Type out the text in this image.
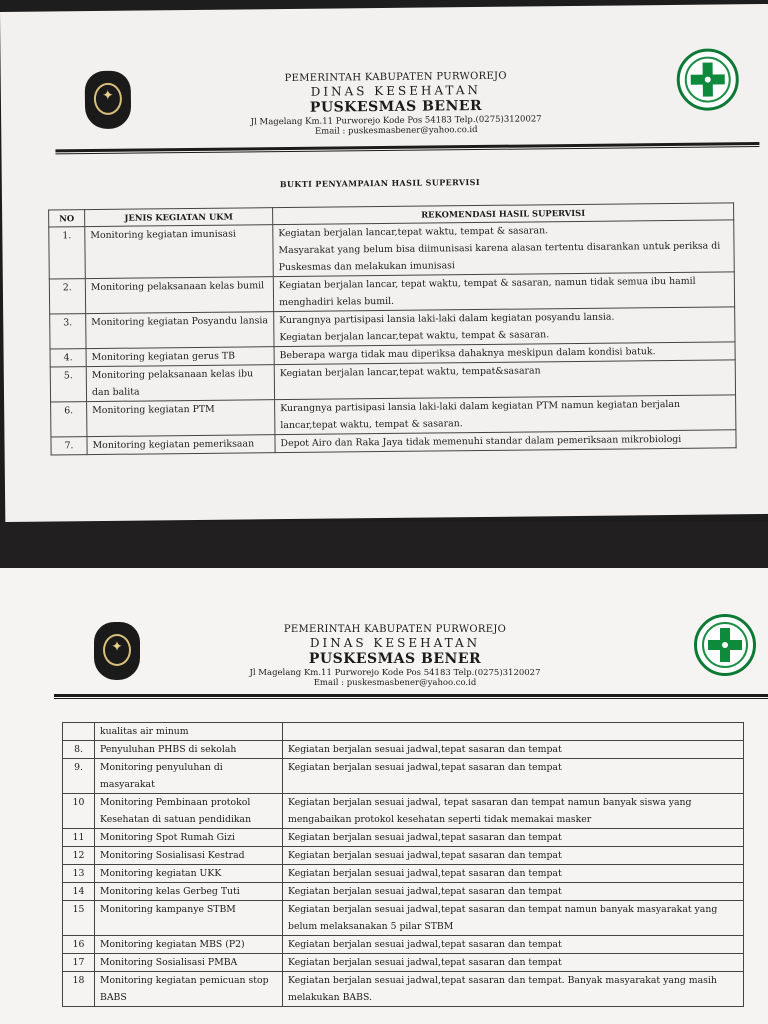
✦
PEMERINTAH KABUPATEN PURWOREJO
DINAS KESEHATAN
PUSKESMAS BENER
Jl Magelang Km.11 Purworejo Kode Pos 54183 Telp.(0275)3120027
Email : puskesmasbener@yahoo.co.id
BUKTI PENYAMPAIAN HASIL SUPERVISI
NO	JENIS KEGIATAN UKM	REKOMENDASI HASIL SUPERVISI
1.	Monitoring kegiatan imunisasi	Kegiatan berjalan lancar,tepat waktu, tempat & sasaran.
Masyarakat yang belum bisa diimunisasi karena alasan tertentu disarankan untuk periksa di Puskesmas dan melakukan imunisasi

2.	Monitoring pelaksanaan kelas bumil	Kegiatan berjalan lancar, tepat waktu, tempat & sasaran, namun tidak semua ibu hamil menghadiri kelas bumil.
3.	Monitoring kegiatan Posyandu lansia	Kurangnya partisipasi lansia laki-laki dalam kegiatan posyandu lansia.
Kegiatan berjalan lancar,tepat waktu, tempat & sasaran.

4.	Monitoring kegiatan gerus TB	Beberapa warga tidak mau diperiksa dahaknya meskipun dalam kondisi batuk.
5.	Monitoring pelaksanaan kelas ibu dan balita	Kegiatan berjalan lancar,tepat waktu, tempat&sasaran
6.	Monitoring kegiatan PTM	Kurangnya partisipasi lansia laki-laki dalam kegiatan PTM namun kegiatan berjalan lancar,tepat waktu, tempat & sasaran.
7.	Monitoring kegiatan pemeriksaan	Depot Airo dan Raka Jaya tidak memenuhi standar dalam pemeriksaan mikrobiologi
✦
PEMERINTAH KABUPATEN PURWOREJO
DINAS KESEHATAN
PUSKESMAS BENER
Jl Magelang Km.11 Purworejo Kode Pos 54183 Telp.(0275)3120027
Email : puskesmasbener@yahoo.co.id
	kualitas air minum	
8.	Penyuluhan PHBS di sekolah	Kegiatan berjalan sesuai jadwal,tepat sasaran dan tempat
9.	Monitoring penyuluhan di masyarakat	Kegiatan berjalan sesuai jadwal,tepat sasaran dan tempat
10	Monitoring Pembinaan protokol Kesehatan di satuan pendidikan	Kegiatan berjalan sesuai jadwal, tepat sasaran dan tempat namun banyak siswa yang mengabaikan protokol kesehatan seperti tidak memakai masker
11	Monitoring Spot Rumah Gizi	Kegiatan berjalan sesuai jadwal,tepat sasaran dan tempat
12	Monitoring Sosialisasi Kestrad	Kegiatan berjalan sesuai jadwal,tepat sasaran dan tempat
13	Monitoring kegiatan UKK	Kegiatan berjalan sesuai jadwal,tepat sasaran dan tempat
14	Monitoring kelas Gerbeg Tuti	Kegiatan berjalan sesuai jadwal,tepat sasaran dan tempat
15	Monitoring kampanye STBM	Kegiatan berjalan sesuai jadwal,tepat sasaran dan tempat namun banyak masyarakat yang belum melaksanakan 5 pilar STBM
16	Monitoring kegiatan MBS (P2)	Kegiatan berjalan sesuai jadwal,tepat sasaran dan tempat
17	Monitoring Sosialisasi PMBA	Kegiatan berjalan sesuai jadwal,tepat sasaran dan tempat
18	Monitoring kegiatan pemicuan stop BABS	Kegiatan berjalan sesuai jadwal,tepat sasaran dan tempat. Banyak masyarakat yang masih melakukan BABS.
